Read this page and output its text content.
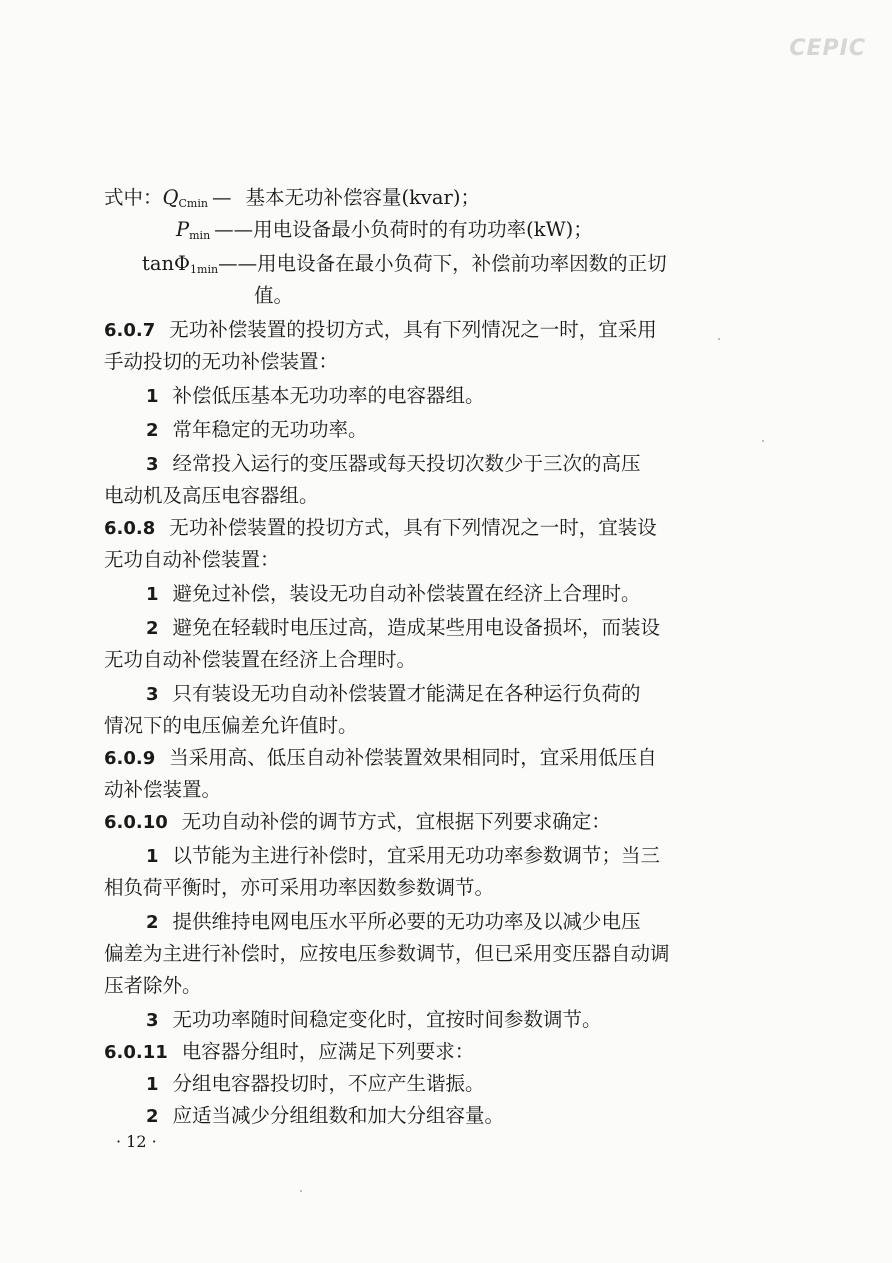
CEPIC
式中：$Q_{Cmin}$ — 基本无功补偿容量(kvar)；
$P_{min}$ ——用电设备最小负荷时的有功功率(kW)；
tanΦ$_{1min}$——用电设备在最小负荷下，补偿前功率因数的正切
值。
6.0.7 无功补偿装置的投切方式，具有下列情况之一时，宜采用
手动投切的无功补偿装置：
1 补偿低压基本无功功率的电容器组。
2 常年稳定的无功功率。
3 经常投入运行的变压器或每天投切次数少于三次的高压
电动机及高压电容器组。
6.0.8 无功补偿装置的投切方式，具有下列情况之一时，宜装设
无功自动补偿装置：
1 避免过补偿，装设无功自动补偿装置在经济上合理时。
2 避免在轻载时电压过高，造成某些用电设备损坏，而装设
无功自动补偿装置在经济上合理时。
3 只有装设无功自动补偿装置才能满足在各种运行负荷的
情况下的电压偏差允许值时。
6.0.9 当采用高、低压自动补偿装置效果相同时，宜采用低压自
动补偿装置。
6.0.10 无功自动补偿的调节方式，宜根据下列要求确定：
1 以节能为主进行补偿时，宜采用无功功率参数调节；当三
相负荷平衡时，亦可采用功率因数参数调节。
2 提供维持电网电压水平所必要的无功功率及以减少电压
偏差为主进行补偿时，应按电压参数调节，但已采用变压器自动调
压者除外。
3 无功功率随时间稳定变化时，宜按时间参数调节。
6.0.11 电容器分组时，应满足下列要求：
1 分组电容器投切时，不应产生谐振。
2 应适当减少分组组数和加大分组容量。
· 12 ·
